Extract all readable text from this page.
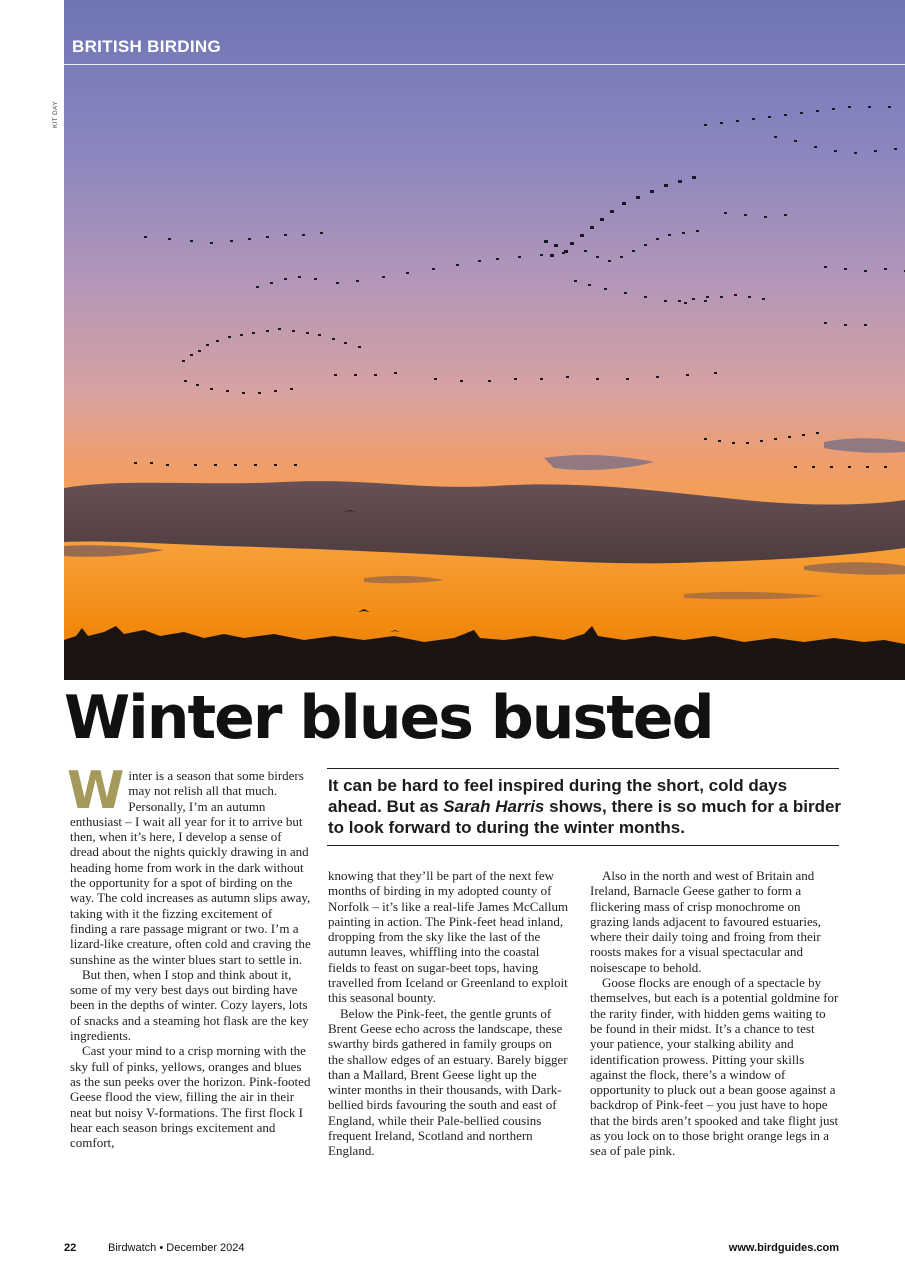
BRITISH BIRDING
KIT DAY
Winter blues busted
It can be hard to feel inspired during the short, cold days ahead. But as Sarah Harris shows, there is so much for a birder to look forward to during the winter months.

Winter is a season that some birders may not relish all that much. Personally, I’m an autumn enthusiast – I wait all year for it to arrive but then, when it’s here, I develop a sense of dread about the nights quickly drawing in and heading home from work in the dark without the opportunity for a spot of birding on the way. The cold increases as autumn slips away, taking with it the fizzing excitement of finding a rare passage migrant or two. I’m a lizard-like creature, often cold and craving the sunshine as the winter blues start to settle in.

But then, when I stop and think about it, some of my very best days out birding have been in the depths of winter. Cozy layers, lots of snacks and a steaming hot flask are the key ingredients.

Cast your mind to a crisp morning with the sky full of pinks, yellows, oranges and blues as the sun peeks over the horizon. Pink-footed Geese flood the view, filling the air in their neat but noisy V-formations. The first flock I hear each season brings excitement and comfort,

knowing that they’ll be part of the next few months of birding in my adopted county of Norfolk – it’s like a real-life James McCallum painting in action. The Pink-feet head inland, dropping from the sky like the last of the autumn leaves, whiffling into the coastal fields to feast on sugar-beet tops, having travelled from Iceland or Greenland to exploit this seasonal bounty.

Below the Pink-feet, the gentle grunts of Brent Geese echo across the landscape, these swarthy birds gathered in family groups on the shallow edges of an estuary. Barely bigger than a Mallard, Brent Geese light up the winter months in their thousands, with Dark-bellied birds favouring the south and east of England, while their Pale-bellied cousins frequent Ireland, Scotland and northern England.

Also in the north and west of Britain and Ireland, Barnacle Geese gather to form a flickering mass of crisp monochrome on grazing lands adjacent to favoured estuaries, where their daily toing and froing from their roosts makes for a visual spectacular and noisescape to behold.

Goose flocks are enough of a spectacle by themselves, but each is a potential goldmine for the rarity finder, with hidden gems waiting to be found in their midst. It’s a chance to test your patience, your stalking ability and identification prowess. Pitting your skills against the flock, there’s a window of opportunity to pluck out a bean goose against a backdrop of Pink-feet – you just have to hope that the birds aren’t spooked and take flight just as you lock on to those bright orange legs in a sea of pale pink.

22	Birdwatch • December 2024	www.birdguides.com
